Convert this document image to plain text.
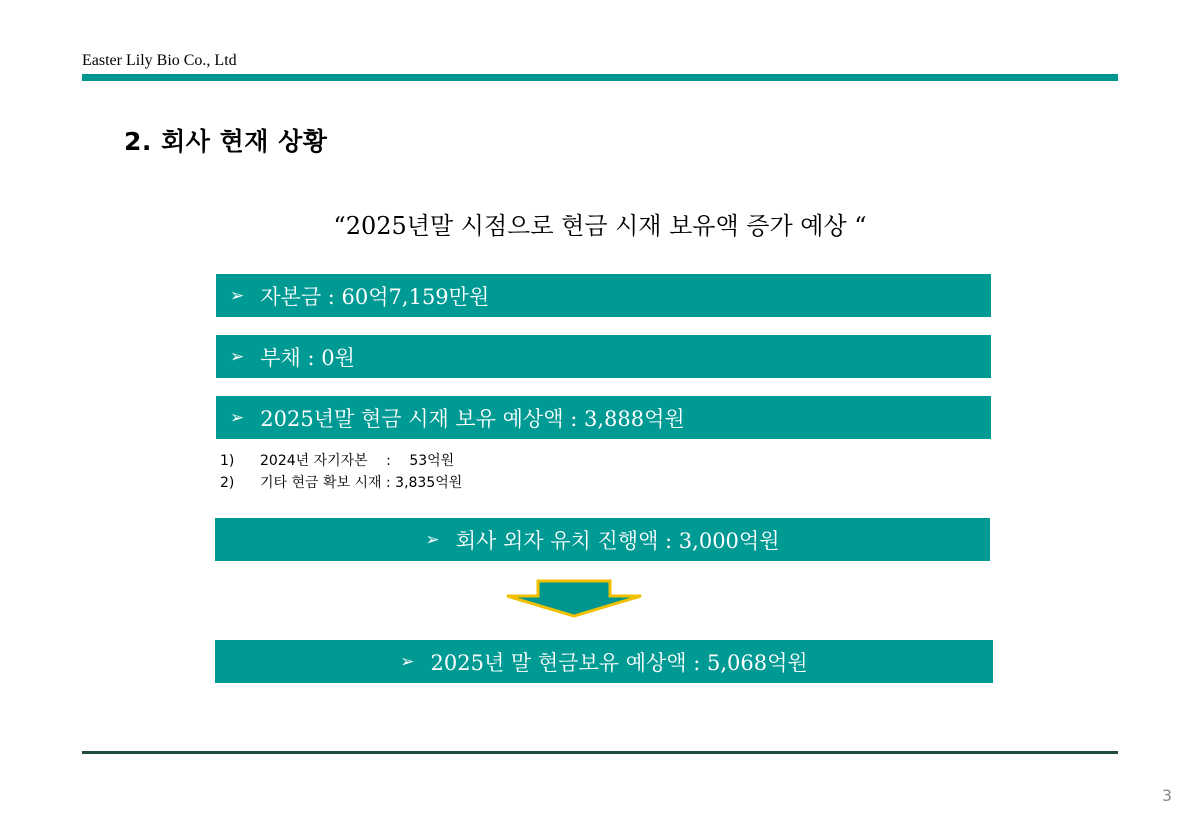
Easter Lily Bio Co., Ltd
2. 회사 현재 상황
“2025년말 시점으로 현금 시재 보유액 증가 예상 “
➢ 자본금 : 60억7,159만원
➢ 부채 : 0원
➢ 2025년말 현금 시재 보유 예상액 : 3,888억원
1)	2024년 자기자본 　:　 53억원
2)	기타 현금 확보 시재 : 3,835억원
➢ 회사 외자 유치 진행액 : 3,000억원
➢ 2025년 말 현금보유 예상액 : 5,068억원
3
